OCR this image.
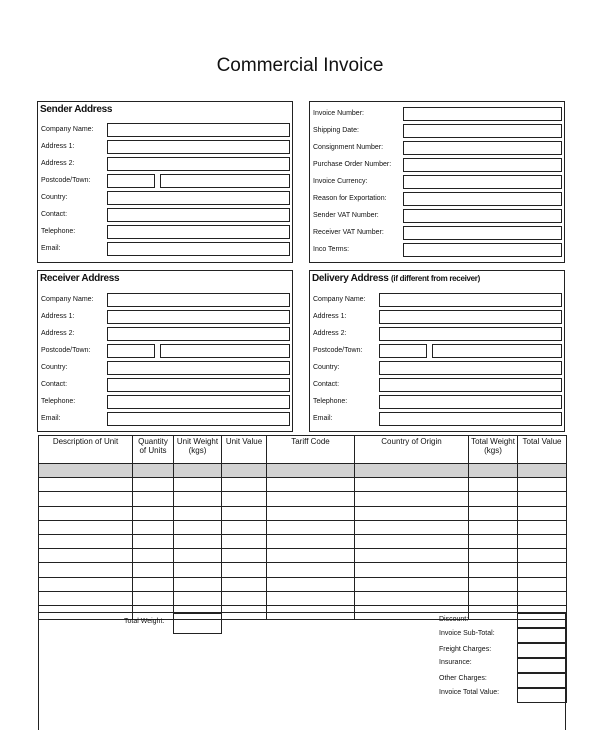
Commercial Invoice
Sender Address
Company Name:
Address 1:
Address 2:
Postcode/Town:
Country:
Contact:
Telephone:
Email:
Invoice Number:
Shipping Date:
Consignment Number:
Purchase Order Number:
Invoice Currency:
Reason for Exportation:
Sender VAT Number:
Receiver VAT Number:
Inco Terms:
Receiver Address
Company Name:
Address 1:
Address 2:
Postcode/Town:
Country:
Contact:
Telephone:
Email:
Delivery Address (if different from receiver)
Company Name:
Address 1:
Address 2:
Postcode/Town:
Country:
Contact:
Telephone:
Email:
Description of Unit	Quantity of Units	Unit Weight (kgs)	Unit Value	Tariff Code	Country of Origin	Total Weight (kgs)	Total Value

Total Weight:	Discount:
Invoice Sub-Total:
Freight Charges:
Insurance:
Other Charges:
Invoice Total Value:
